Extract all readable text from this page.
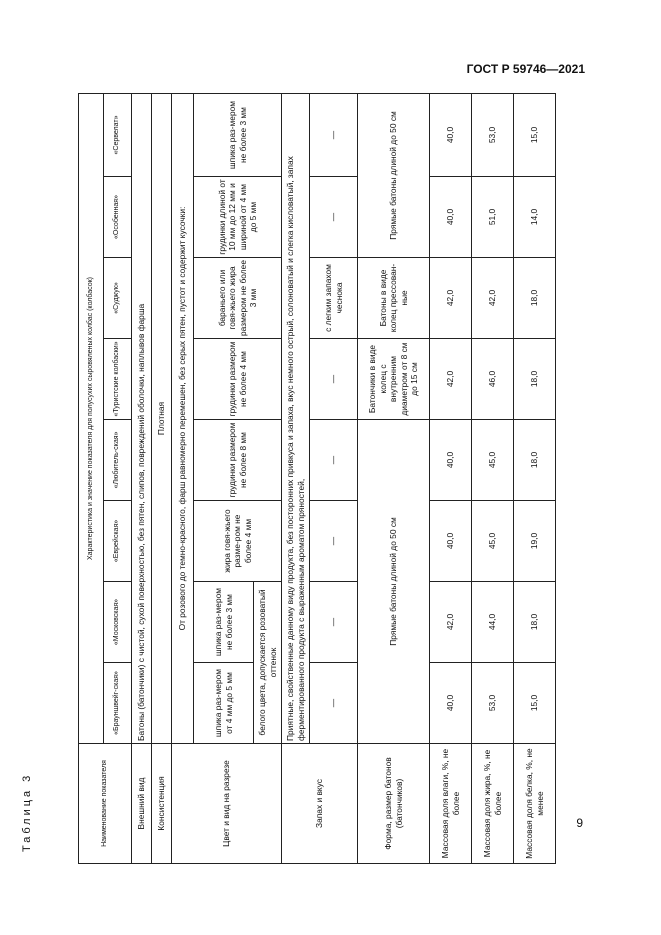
ГОСТ Р 59746—2021
Таблица 3	9
Наименование показателя	Характеристика и значение показателя для полусухих сыровяленых колбас (колбасок)							
	«Брауншвейг-ская»	«Московская»	«Еврейская»	«Любитель-ская»	«Туристские колбаски»	«Суджук»	«Особенная»	«Сервелат»
Внешний вид	Батоны (батончики) с чистой, сухой поверхностью, без пятен, слипов, повреждений оболочки, наплывов фарша							
Консистенция	Плотная							
Цвет и вид на разрезе	От розового до темно-красного, фарш равномерно перемешен, без серых пятен, пустот и содержит кусочки:							
	шпика раз-мером от 4 мм до 5 мм	шпика раз-мером не более 3 мм	жира говя-жьего разме-ром не более 4 мм	грудинки размером не более 8 мм	грудинки размером не более 4 мм	бараньего или говя-жьего жира размером не более 3 мм	грудинки длиной от 10 мм до 12 мм и шириной от 4 мм до 5 мм	шпика раз-мером не более 3 мм
	белого цвета, допускается розоватый оттенок							
Запах и вкус	Приятные, свойственные данному виду продукта, без посторонних привкуса и запаха, вкус немного острый, солоноватый и слегка кисловатый, запах ферментированного продукта с выраженным ароматом пряностей,							
	—	—	—	—	—	с легким запахом чеснока	—	—
Форма, размер батонов (батончиков)	Прямые батоны длиной до 50 см				Батончики в виде колец с внутренним диаметром от 8 см до 15 см	Батоны в виде колец прессован-ные	Прямые батоны длиной до 50 см	
Массовая доля влаги, %, не более	40,0	42,0	40,0	40,0	42,0	42,0	40,0	40,0
Массовая доля жира, %, не более	53,0	44,0	45,0	45,0	46,0	42,0	51,0	53,0
Массовая доля белка, %, не менее	15,0	18,0	19,0	18,0	18,0	18,0	14,0	15,0
